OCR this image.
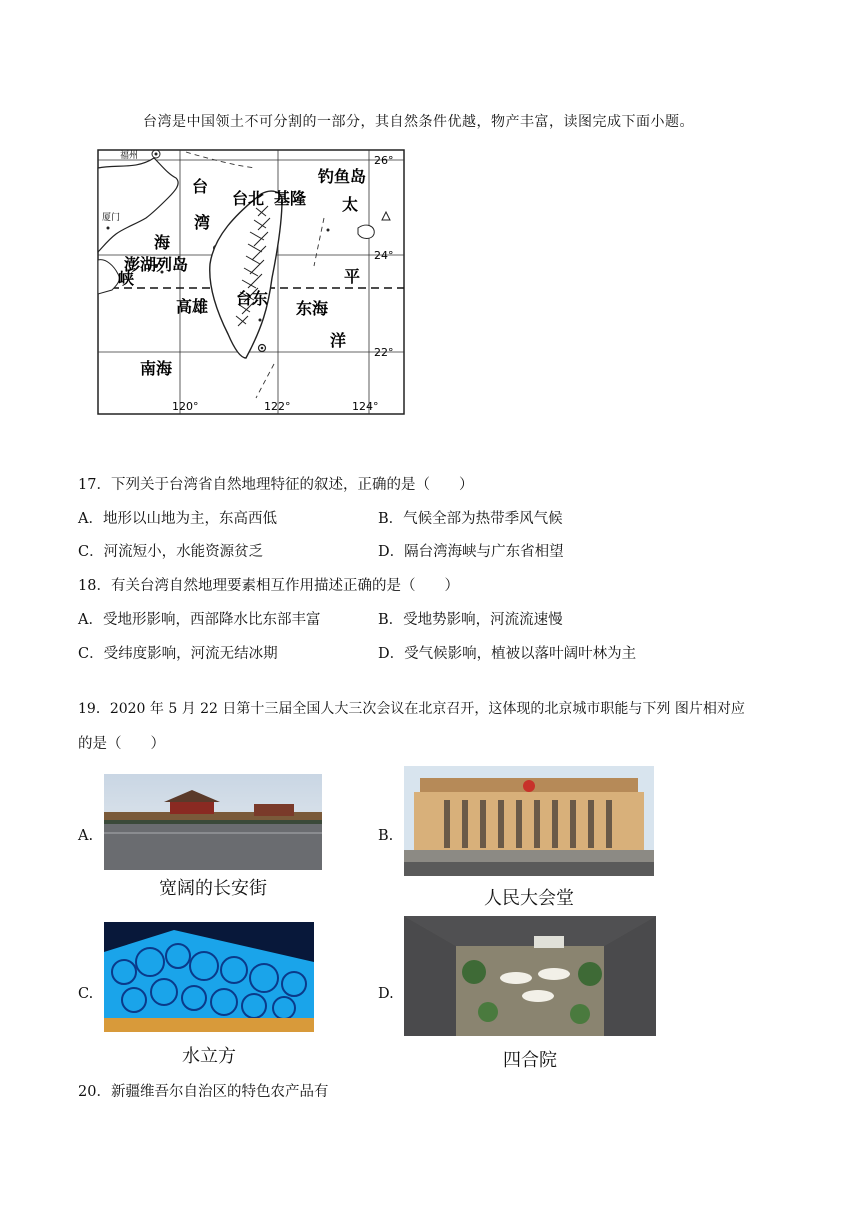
台湾是中国领土不可分割的一部分，其自然条件优越，物产丰富，读图完成下面小题。
福州
厦门
台
湾
海
峡
澎湖列岛
台北 基隆
钓鱼岛
高雄 台东
东海
太
平
洋
南海
26°
24°
22°
120°	122°	124°
17．下列关于台湾省自然地理特征的叙述，正确的是（　　）
A．地形以山地为主，东高西低	B．气候全部为热带季风气候
C．河流短小，水能资源贫乏	D．隔台湾海峡与广东省相望
18．有关台湾自然地理要素相互作用描述正确的是（　　）
A．受地形影响，西部降水比东部丰富	B．受地势影响，河流流速慢
C．受纬度影响，河流无结冰期	D．受气候影响，植被以落叶阔叶林为主
19．2020 年 5 月 22 日第十三届全国人大三次会议在北京召开，这体现的北京城市职能与下列 图片相对应
的是（　　）
A.
宽阔的长安街
B.
人民大会堂
C.
水立方
D.
四合院
20．新疆维吾尔自治区的特色农产品有
